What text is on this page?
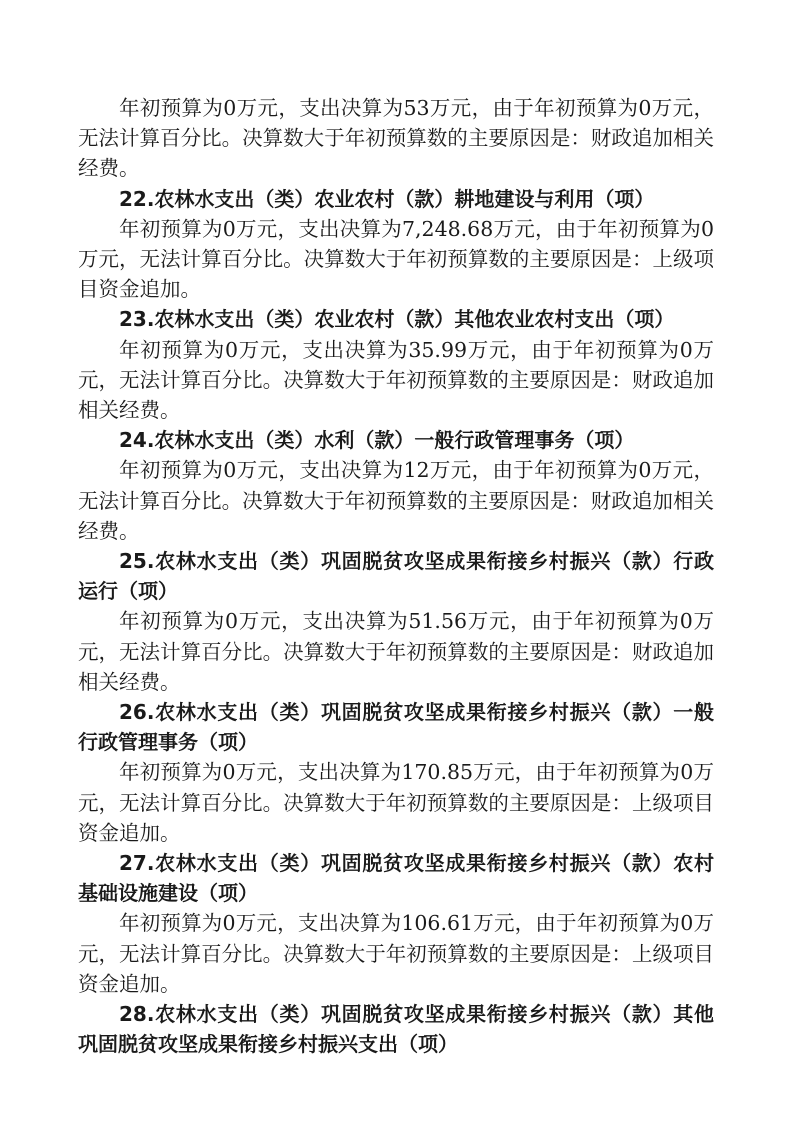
年初预算为0万元，支出决算为53万元，由于年初预算为0万元，无法计算百分比。决算数大于年初预算数的主要原因是：财政追加相关经费。

22.农林水支出（类）农业农村（款）耕地建设与利用（项）

年初预算为0万元，支出决算为7,248.68万元，由于年初预算为0万元，无法计算百分比。决算数大于年初预算数的主要原因是：上级项目资金追加。

23.农林水支出（类）农业农村（款）其他农业农村支出（项）

年初预算为0万元，支出决算为35.99万元，由于年初预算为0万元，无法计算百分比。决算数大于年初预算数的主要原因是：财政追加相关经费。

24.农林水支出（类）水利（款）一般行政管理事务（项）

年初预算为0万元，支出决算为12万元，由于年初预算为0万元，无法计算百分比。决算数大于年初预算数的主要原因是：财政追加相关经费。

25.农林水支出（类）巩固脱贫攻坚成果衔接乡村振兴（款）行政运行（项）

年初预算为0万元，支出决算为51.56万元，由于年初预算为0万元，无法计算百分比。决算数大于年初预算数的主要原因是：财政追加相关经费。

26.农林水支出（类）巩固脱贫攻坚成果衔接乡村振兴（款）一般行政管理事务（项）

年初预算为0万元，支出决算为170.85万元，由于年初预算为0万元，无法计算百分比。决算数大于年初预算数的主要原因是：上级项目资金追加。

27.农林水支出（类）巩固脱贫攻坚成果衔接乡村振兴（款）农村基础设施建设（项）

年初预算为0万元，支出决算为106.61万元，由于年初预算为0万元，无法计算百分比。决算数大于年初预算数的主要原因是：上级项目资金追加。

28.农林水支出（类）巩固脱贫攻坚成果衔接乡村振兴（款）其他巩固脱贫攻坚成果衔接乡村振兴支出（项）
